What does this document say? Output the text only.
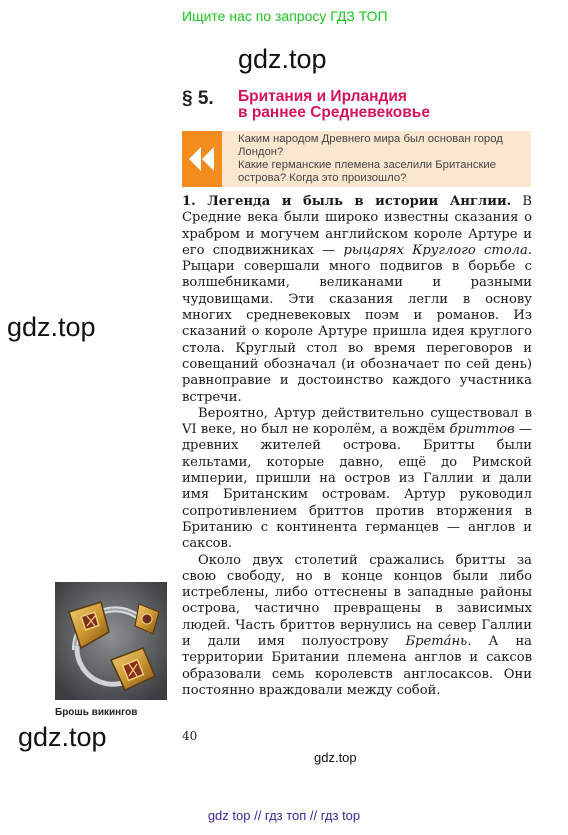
Ищите нас по запросу ГДЗ ТОП
gdz.top
gdz.top
gdz.top
gdz.top
§ 5. Британия и Ирландия
в раннее Средневековье
Каким народом Древнего мира был основан город Лондон?
Какие германские племена заселили Британские острова? Когда это произошло?

1. Легенда и быль в истории Англии. В Средние века были широко известны сказания о храбром и могучем английском короле Артуре и его сподвижниках — рыцарях Круглого стола. Рыцари совершали много подвигов в борьбе с волшебниками, великанами и разными чудовищами. Эти сказания легли в основу многих средневековых поэм и романов. Из сказаний о короле Артуре пришла идея круглого стола. Круглый стол во время переговоров и совещаний обозначал (и обозначает по сей день) равноправие и достоинство каждого участника встречи.

Вероятно, Артур действительно существовал в VI веке, но был не королём, а вождём бриттов — древних жителей острова. Бритты были кельтами, которые давно, ещё до Римской империи, пришли на остров из Галлии и дали имя Британским островам. Артур руководил сопротивлением бриттов против вторжения в Британию с континента германцев — англов и саксов.

Около двух столетий сражались бритты за свою свободу, но в конце концов были либо истреблены, либо оттеснены в западные районы острова, частично превращены в зависимых людей. Часть бриттов вернулись на север Галлии и дали имя полуострову Брета́нь. А на территории Британии племена англов и саксов образовали семь королевств англосаксов. Они постоянно враждовали между собой.

Брошь викингов
40
gdz top // гдз топ // гдз top
